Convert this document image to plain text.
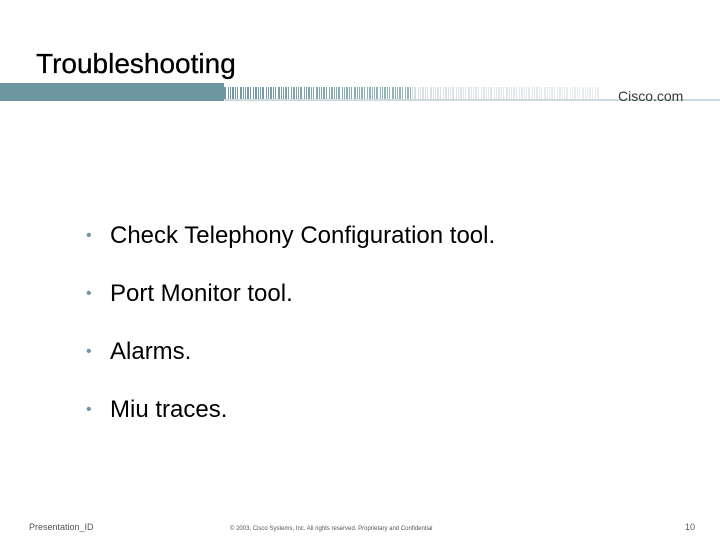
Troubleshooting
Cisco.com
• Check Telephony Configuration tool.
• Port Monitor tool.
• Alarms.
• Miu traces.
Presentation_ID	© 2003, Cisco Systems, Inc. All rights reserved. Proprietary and Confidential	10
